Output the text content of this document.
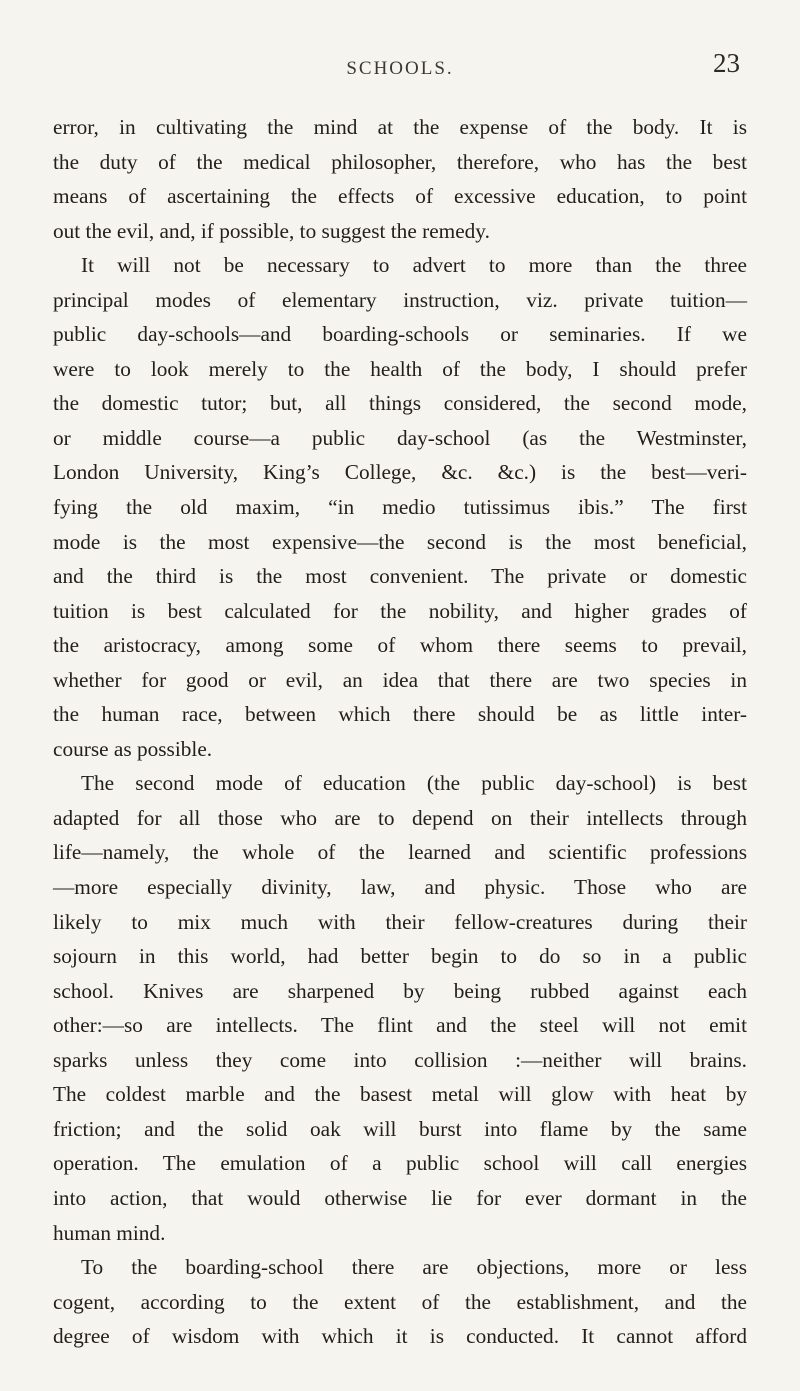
SCHOOLS.	23
error, in cultivating the mind at the expense of the body. It is
the duty of the medical philosopher, therefore, who has the best
means of ascertaining the effects of excessive education, to point
out the evil, and, if possible, to suggest the remedy.
It will not be necessary to advert to more than the three
principal modes of elementary instruction, viz. private tuition—
public day-schools—and boarding-schools or seminaries. If we
were to look merely to the health of the body, I should prefer
the domestic tutor; but, all things considered, the second mode,
or middle course—a public day-school (as the Westminster,
London University, King’s College, &c. &c.) is the best—veri-
fying the old maxim, “in medio tutissimus ibis.” The first
mode is the most expensive—the second is the most beneficial,
and the third is the most convenient. The private or domestic
tuition is best calculated for the nobility, and higher grades of
the aristocracy, among some of whom there seems to prevail,
whether for good or evil, an idea that there are two species in
the human race, between which there should be as little inter-
course as possible.
The second mode of education (the public day-school) is best
adapted for all those who are to depend on their intellects through
life—namely, the whole of the learned and scientific professions
—more especially divinity, law, and physic. Those who are
likely to mix much with their fellow-creatures during their
sojourn in this world, had better begin to do so in a public
school. Knives are sharpened by being rubbed against each
other:—so are intellects. The flint and the steel will not emit
sparks unless they come into collision :—neither will brains.
The coldest marble and the basest metal will glow with heat by
friction; and the solid oak will burst into flame by the same
operation. The emulation of a public school will call energies
into action, that would otherwise lie for ever dormant in the
human mind.
To the boarding-school there are objections, more or less
cogent, according to the extent of the establishment, and the
degree of wisdom with which it is conducted. It cannot afford
